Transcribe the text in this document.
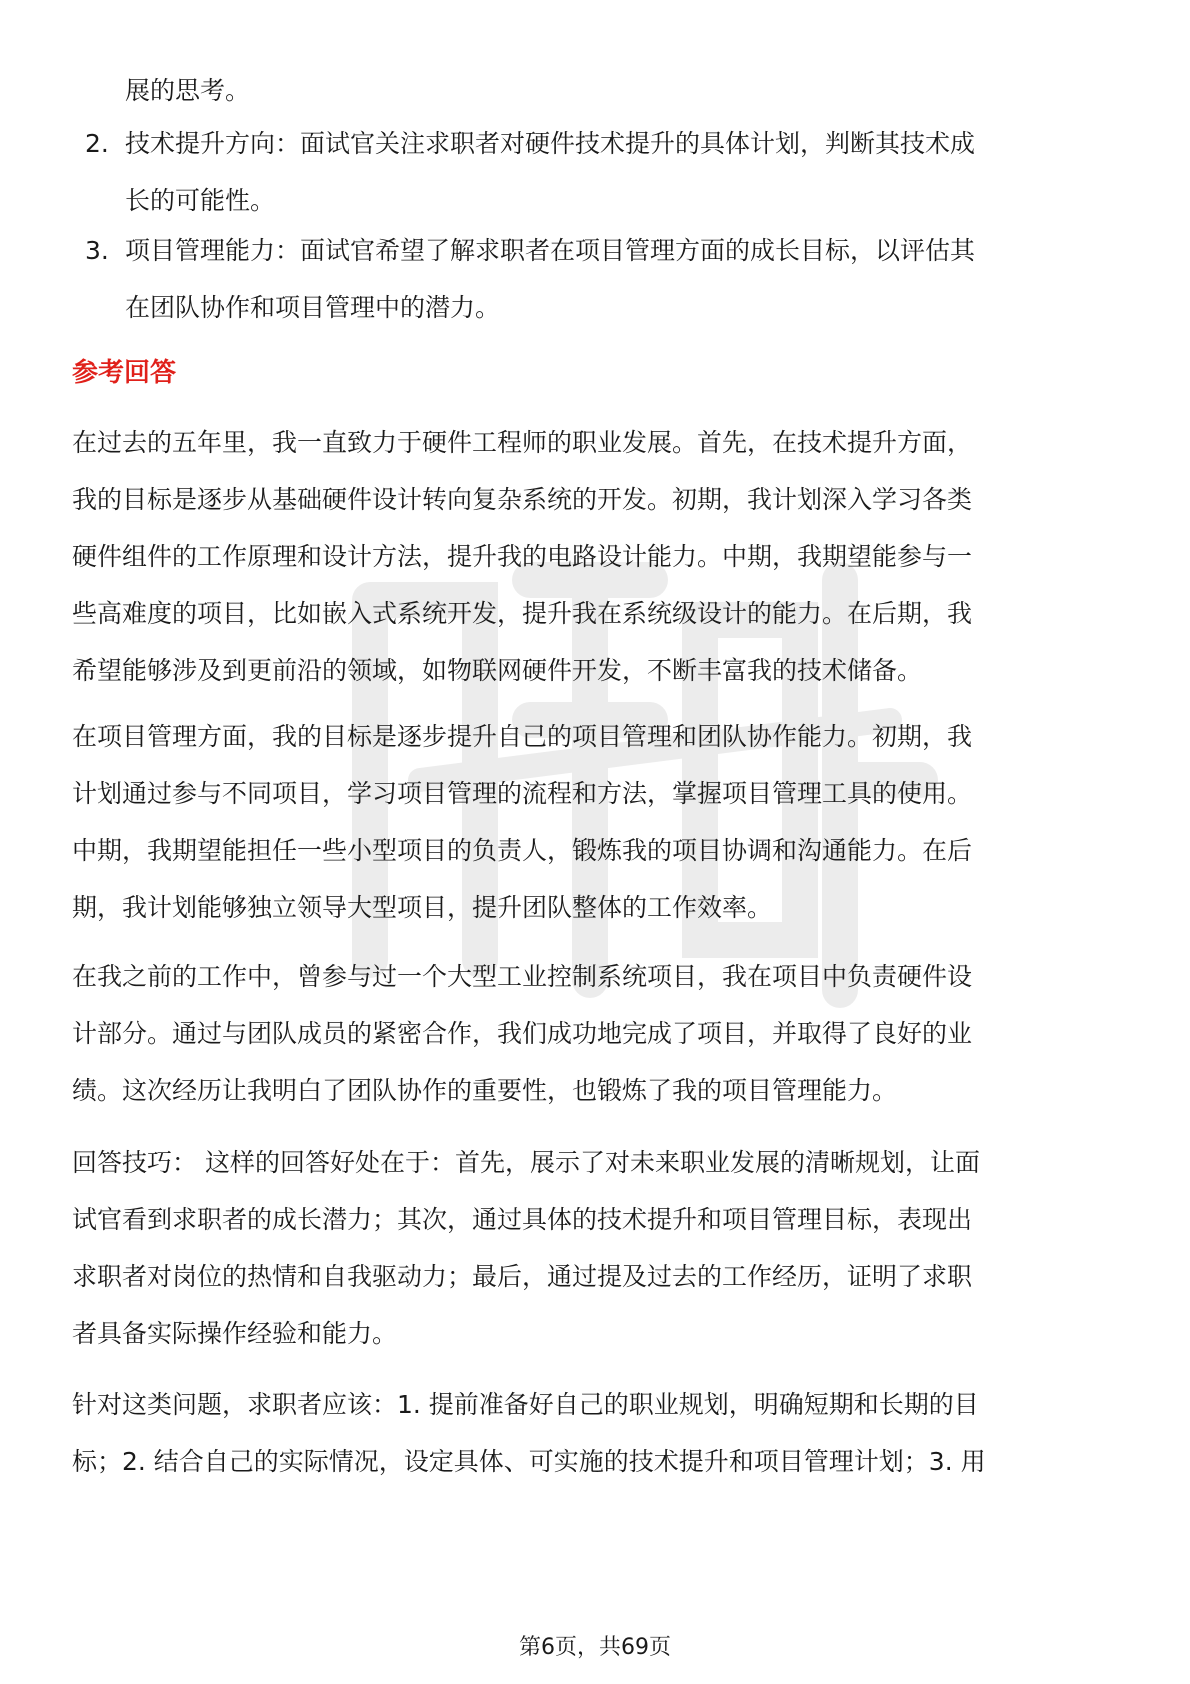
展的思考。
2. 技术提升方向：面试官关注求职者对硬件技术提升的具体计划，判断其技术成
长的可能性。
3. 项目管理能力：面试官希望了解求职者在项目管理方面的成长目标，以评估其
在团队协作和项目管理中的潜力。
参考回答
在过去的五年里，我一直致力于硬件工程师的职业发展。首先，在技术提升方面，
我的目标是逐步从基础硬件设计转向复杂系统的开发。初期，我计划深入学习各类
硬件组件的工作原理和设计方法，提升我的电路设计能力。中期，我期望能参与一
些高难度的项目，比如嵌入式系统开发，提升我在系统级设计的能力。在后期，我
希望能够涉及到更前沿的领域，如物联网硬件开发，不断丰富我的技术储备。
在项目管理方面，我的目标是逐步提升自己的项目管理和团队协作能力。初期，我
计划通过参与不同项目，学习项目管理的流程和方法，掌握项目管理工具的使用。
中期，我期望能担任一些小型项目的负责人，锻炼我的项目协调和沟通能力。在后
期，我计划能够独立领导大型项目，提升团队整体的工作效率。
在我之前的工作中，曾参与过一个大型工业控制系统项目，我在项目中负责硬件设
计部分。通过与团队成员的紧密合作，我们成功地完成了项目，并取得了良好的业
绩。这次经历让我明白了团队协作的重要性，也锻炼了我的项目管理能力。
回答技巧： 这样的回答好处在于：首先，展示了对未来职业发展的清晰规划，让面
试官看到求职者的成长潜力；其次，通过具体的技术提升和项目管理目标，表现出
求职者对岗位的热情和自我驱动力；最后，通过提及过去的工作经历，证明了求职
者具备实际操作经验和能力。
针对这类问题，求职者应该：1. 提前准备好自己的职业规划，明确短期和长期的目
标；2. 结合自己的实际情况，设定具体、可实施的技术提升和项目管理计划；3. 用
第6页，共69页
